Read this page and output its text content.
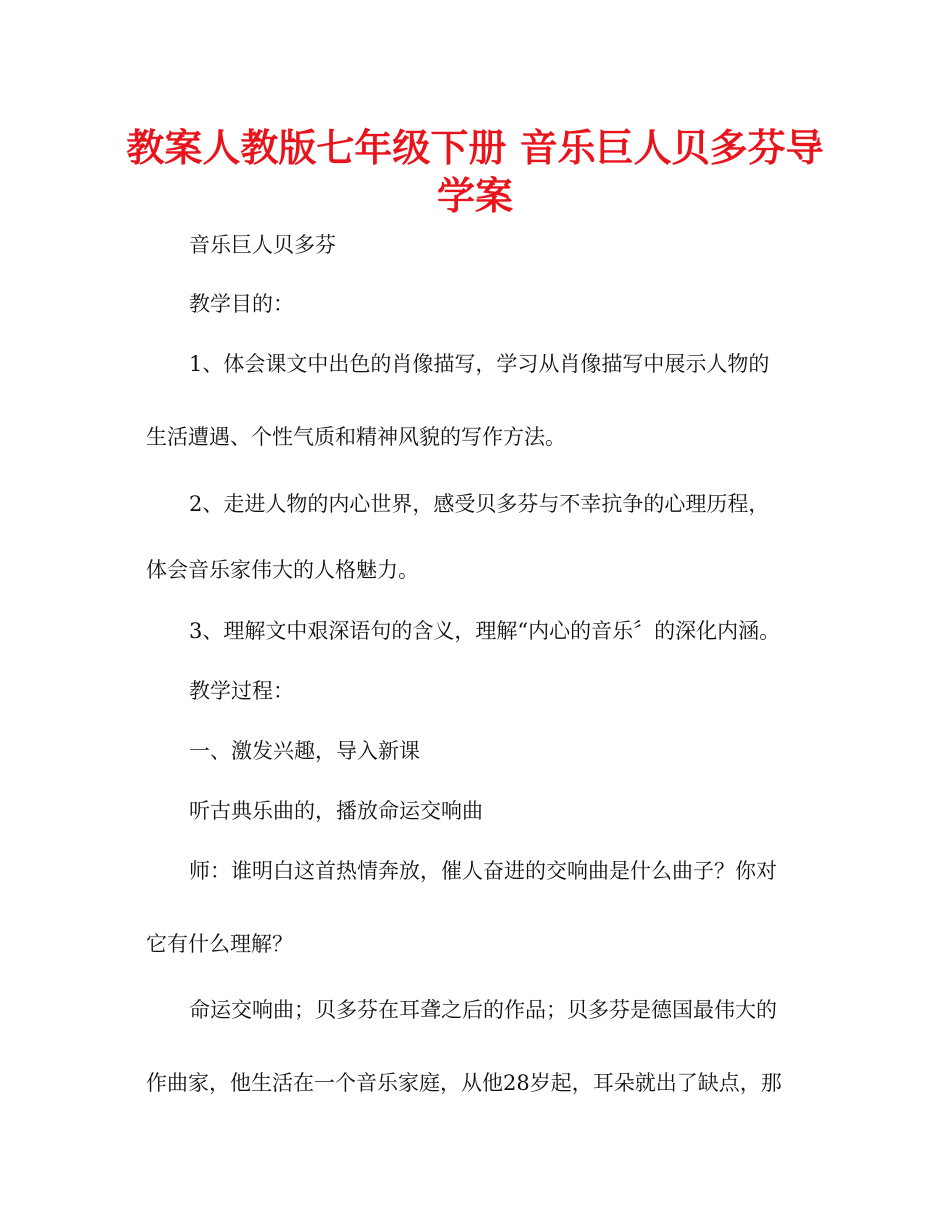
教案人教版七年级下册 音乐巨人贝多芬导
学案

音乐巨人贝多芬

教学目的：

1、体会课文中出色的肖像描写，学习从肖像描写中展示人物的

生活遭遇、个性气质和精神风貌的写作方法。

2、走进人物的内心世界，感受贝多芬与不幸抗争的心理历程，

体会音乐家伟大的人格魅力。

3、理解文中艰深语句的含义，理解“内心的音乐〞的深化内涵。

教学过程：

一、激发兴趣，导入新课

听古典乐曲的，播放命运交响曲

师：谁明白这首热情奔放，催人奋进的交响曲是什么曲子？你对

它有什么理解？

命运交响曲；贝多芬在耳聋之后的作品；贝多芬是德国最伟大的

作曲家，他生活在一个音乐家庭，从他28岁起，耳朵就出了缺点，那
